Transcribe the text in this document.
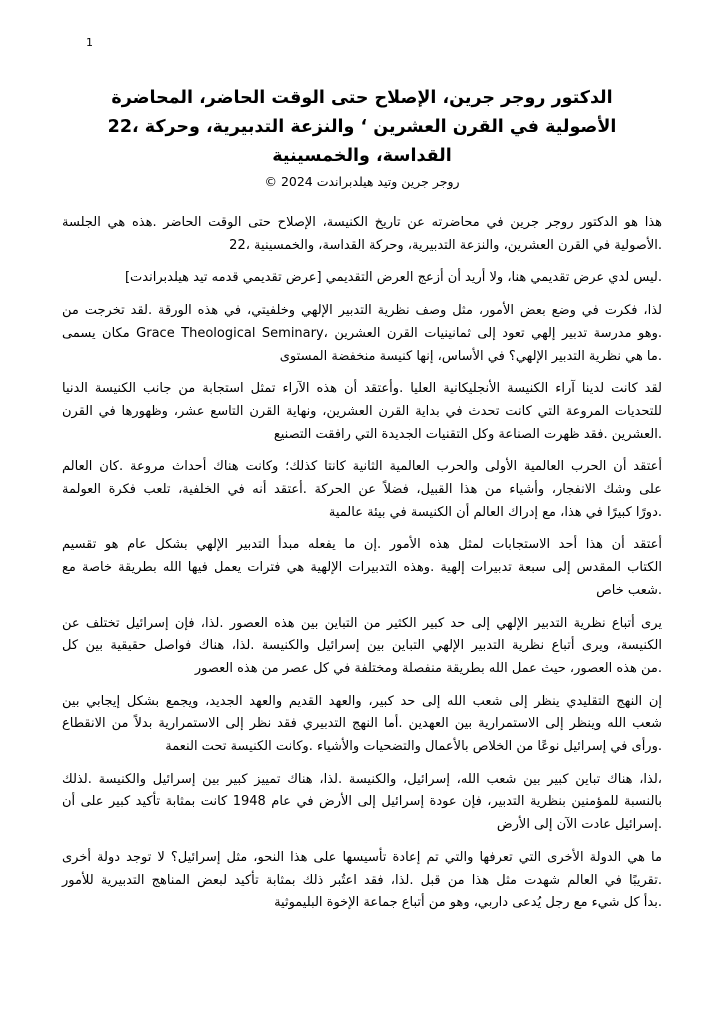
1
الدكتور روجر جرين، الإصلاح حتى الوقت الحاضر، المحاضرة
الأصولية في القرن العشرين ‘ والنزعة التدبيرية، وحركة ،22
القداسة، والخمسينية
روجر جرين وتيد هيلدبراندت 2024 ©

هذا هو الدكتور روجر جرين في محاضرته عن تاريخ الكنيسة، الإصلاح حتى الوقت الحاضر .هذه هي الجلسة
.الأصولية في القرن العشرين، والنزعة التدبيرية، وحركة القداسة، والخمسينية ،22

.ليس لدي عرض تقديمي هنا، ولا أريد أن أزعج العرض التقديمي [عرض تقديمي قدمه تيد هيلدبراندت]

لذا، فكرت في وضع بعض الأمور، مثل وصف نظرية التدبير الإلهي وخلفيتي، في هذه الورقة .لقد تخرجت من
.وهو مدرسة تدبير إلهي تعود إلى ثمانينيات القرن العشرين ،Grace Theological Seminary مكان يسمى
.ما هي نظرية التدبير الإلهي؟ في الأساس، إنها كنيسة منخفضة المستوى

لقد كانت لدينا آراء الكنيسة الأنجليكانية العليا .وأعتقد أن هذه الآراء تمثل استجابة من جانب الكنيسة الدنيا
للتحديات المروعة التي كانت تحدث في بداية القرن العشرين، ونهاية القرن التاسع عشر، وظهورها في القرن
.العشرين .فقد ظهرت الصناعة وكل التقنيات الجديدة التي رافقت التصنيع

أعتقد أن الحرب العالمية الأولى والحرب العالمية الثانية كانتا كذلك؛ وكانت هناك أحداث مروعة .كان العالم
على وشك الانفجار، وأشياء من هذا القبيل، فضلاً عن الحركة .أعتقد أنه في الخلفية، تلعب فكرة العولمة
.دورًا كبيرًا في هذا، مع إدراك العالم أن الكنيسة في بيئة عالمية

أعتقد أن هذا أحد الاستجابات لمثل هذه الأمور .إن ما يفعله مبدأ التدبير الإلهي بشكل عام هو تقسيم
الكتاب المقدس إلى سبعة تدبيرات إلهية .وهذه التدبيرات الإلهية هي فترات يعمل فيها الله بطريقة خاصة مع
.شعب خاص

يرى أتباع نظرية التدبير الإلهي إلى حد كبير الكثير من التباين بين هذه العصور .لذا، فإن إسرائيل تختلف عن
الكنيسة، ويرى أتباع نظرية التدبير الإلهي التباين بين إسرائيل والكنيسة .لذا، هناك فواصل حقيقية بين كل
.من هذه العصور، حيث عمل الله بطريقة منفصلة ومختلفة في كل عصر من هذه العصور

إن النهج التقليدي ينظر إلى شعب الله إلى حد كبير، والعهد القديم والعهد الجديد، ويجمع بشكل إيجابي بين
شعب الله وينظر إلى الاستمرارية بين العهدين .أما النهج التدبيري فقد نظر إلى الاستمرارية بدلاً من الانقطاع
.ورأى في إسرائيل نوعًا من الخلاص بالأعمال والتضحيات والأشياء .وكانت الكنيسة تحت النعمة

،لذا، هناك تباين كبير بين شعب الله، إسرائيل، والكنيسة .لذا، هناك تمييز كبير بين إسرائيل والكنيسة .لذلك
بالنسبة للمؤمنين بنظرية التدبير، فإن عودة إسرائيل إلى الأرض في عام 1948 كانت بمثابة تأكيد كبير على أن
.إسرائيل عادت الآن إلى الأرض

ما هي الدولة الأخرى التي تعرفها والتي تم إعادة تأسيسها على هذا النحو، مثل إسرائيل؟ لا توجد دولة أخرى
.تقريبًا في العالم شهدت مثل هذا من قبل .لذا، فقد اعتُبر ذلك بمثابة تأكيد لبعض المناهج التدبيرية للأمور
.بدأ كل شيء مع رجل يُدعى داربي، وهو من أتباع جماعة الإخوة البليموثية
